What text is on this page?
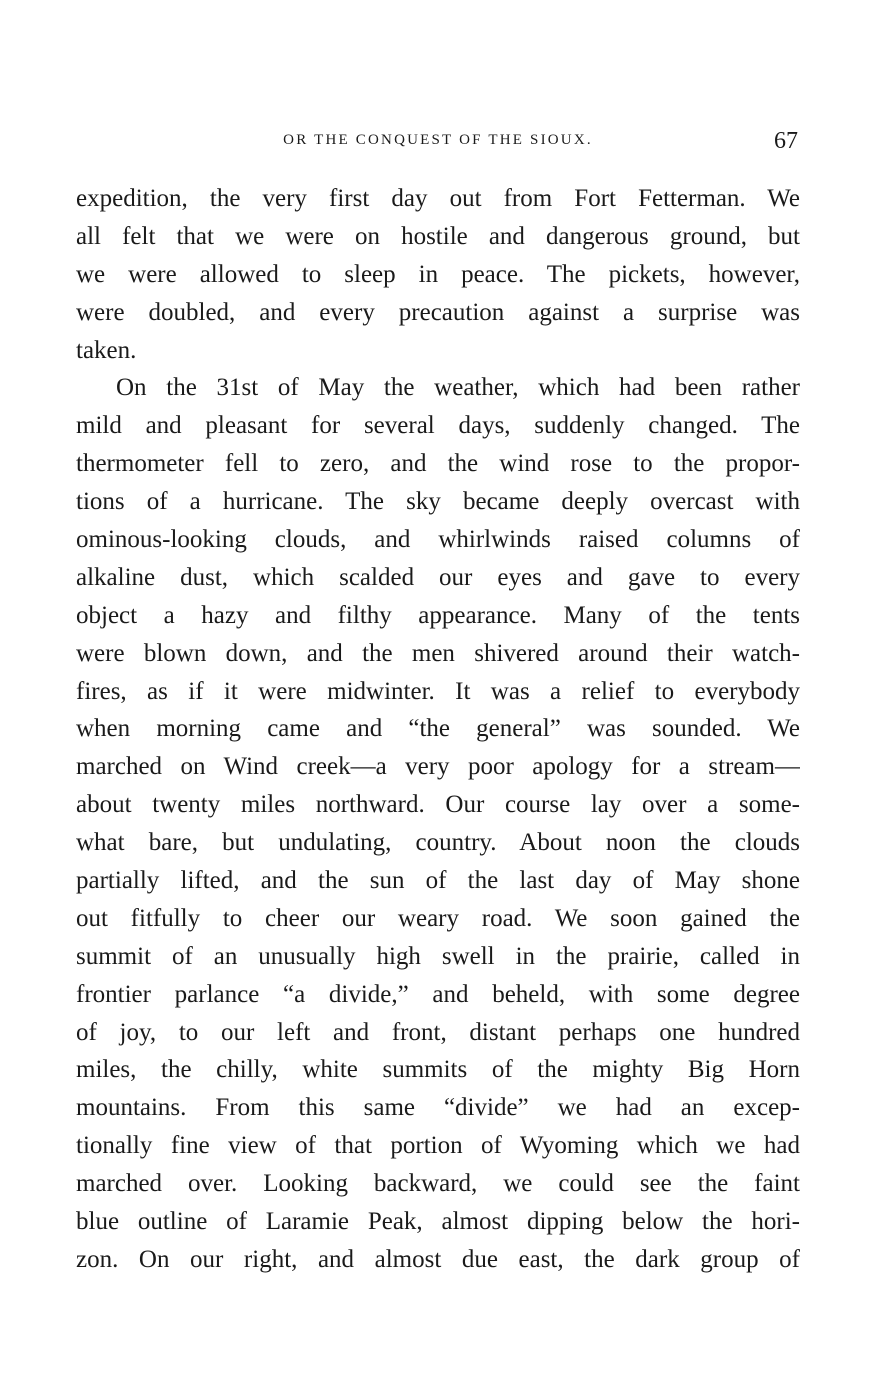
OR THE CONQUEST OF THE SIOUX.	67
expedition, the very first day out from Fort Fetterman. We
all felt that we were on hostile and dangerous ground, but
we were allowed to sleep in peace. The pickets, however,
were doubled, and every precaution against a surprise was
taken.
On the 31st of May the weather, which had been rather
mild and pleasant for several days, suddenly changed. The
thermometer fell to zero, and the wind rose to the propor-
tions of a hurricane. The sky became deeply overcast with
ominous-looking clouds, and whirlwinds raised columns of
alkaline dust, which scalded our eyes and gave to every
object a hazy and filthy appearance. Many of the tents
were blown down, and the men shivered around their watch-
fires, as if it were midwinter. It was a relief to everybody
when morning came and “the general” was sounded. We
marched on Wind creek—a very poor apology for a stream—
about twenty miles northward. Our course lay over a some-
what bare, but undulating, country. About noon the clouds
partially lifted, and the sun of the last day of May shone
out fitfully to cheer our weary road. We soon gained the
summit of an unusually high swell in the prairie, called in
frontier parlance “a divide,” and beheld, with some degree
of joy, to our left and front, distant perhaps one hundred
miles, the chilly, white summits of the mighty Big Horn
mountains. From this same “divide” we had an excep-
tionally fine view of that portion of Wyoming which we had
marched over. Looking backward, we could see the faint
blue outline of Laramie Peak, almost dipping below the hori-
zon. On our right, and almost due east, the dark group of
